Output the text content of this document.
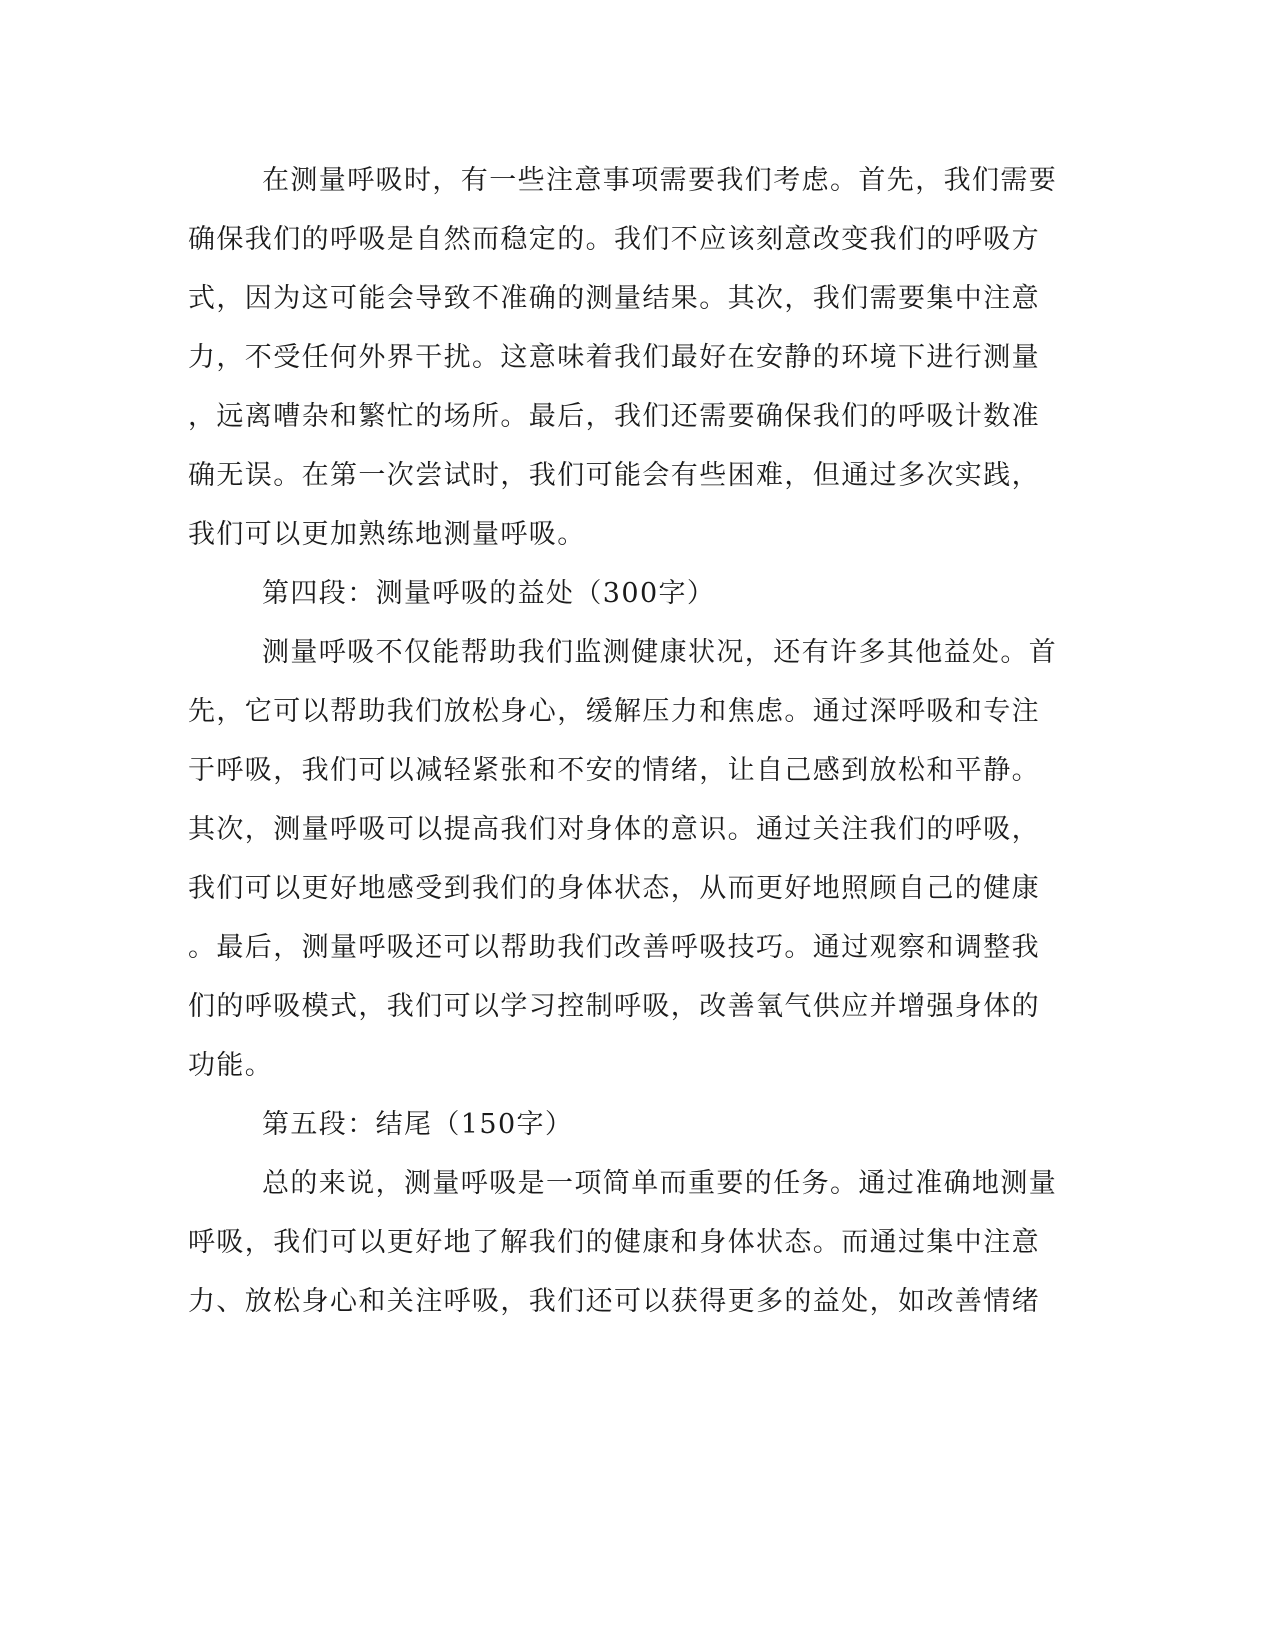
在测量呼吸时，有一些注意事项需要我们考虑。首先，我们需要
确保我们的呼吸是自然而稳定的。我们不应该刻意改变我们的呼吸方
式，因为这可能会导致不准确的测量结果。其次，我们需要集中注意
力，不受任何外界干扰。这意味着我们最好在安静的环境下进行测量
，远离嘈杂和繁忙的场所。最后，我们还需要确保我们的呼吸计数准
确无误。在第一次尝试时，我们可能会有些困难，但通过多次实践，
我们可以更加熟练地测量呼吸。
第四段：测量呼吸的益处（300字）
测量呼吸不仅能帮助我们监测健康状况，还有许多其他益处。首
先，它可以帮助我们放松身心，缓解压力和焦虑。通过深呼吸和专注
于呼吸，我们可以减轻紧张和不安的情绪，让自己感到放松和平静。
其次，测量呼吸可以提高我们对身体的意识。通过关注我们的呼吸，
我们可以更好地感受到我们的身体状态，从而更好地照顾自己的健康
。最后，测量呼吸还可以帮助我们改善呼吸技巧。通过观察和调整我
们的呼吸模式，我们可以学习控制呼吸，改善氧气供应并增强身体的
功能。
第五段：结尾（150字）
总的来说，测量呼吸是一项简单而重要的任务。通过准确地测量
呼吸，我们可以更好地了解我们的健康和身体状态。而通过集中注意
力、放松身心和关注呼吸，我们还可以获得更多的益处，如改善情绪
